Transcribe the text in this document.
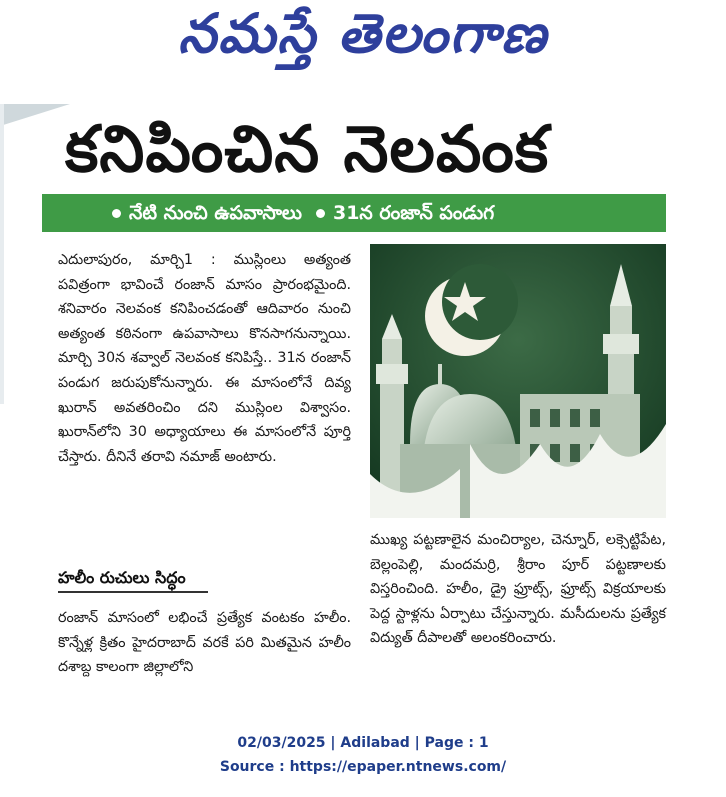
నమస్తే తెలంగాణ
కనిపించిన నెలవంక
నేటి నుంచి ఉపవాసాలు 31న రంజాన్ పండుగ

ఎదులాపురం, మార్చి1 : ముస్లింలు అత్యంత పవిత్రంగా భావించే రంజాన్ మాసం ప్రారంభమైంది. శనివారం నెలవంక కనిపించడంతో ఆదివారం నుంచి అత్యంత కఠినంగా ఉపవాసాలు కొనసాగనున్నాయి. మార్చి 30న శవ్వాల్ నెలవంక కనిపిస్తే.. 31న రంజాన్ పండుగ జరుపుకోనున్నారు. ఈ మాసంలోనే దివ్య ఖురాన్ అవతరించిం దని ముస్లింల విశ్వాసం. ఖురాన్‌లోని 30 అధ్యాయాలు ఈ మాసంలోనే పూర్తి చేస్తారు. దీనినే తరావి నమాజ్ అంటారు.

హలీం రుచులు సిద్ధం

రంజాన్ మాసంలో లభించే ప్రత్యేక వంటకం హలీం. కొన్నేళ్ల క్రితం హైదరాబాద్ వరకే పరి మితమైన హలీం దశాబ్ద కాలంగా జిల్లాలోని

ముఖ్య పట్టణాలైన మంచిర్యాల, చెన్నూర్, లక్సెట్టిపేట, బెల్లంపెల్లి, మందమర్రి, శ్రీరాం పూర్ పట్టణాలకు విస్తరించింది. హలీం, డ్రై ఫ్రూట్స్, ఫ్రూట్స్ విక్రయాలకు పెద్ద స్టాళ్లను ఏర్పాటు చేస్తున్నారు. మసీదులను ప్రత్యేక విద్యుత్ దీపాలతో అలంకరించారు.

02/03/2025 | Adilabad | Page : 1
Source : https://epaper.ntnews.com/
